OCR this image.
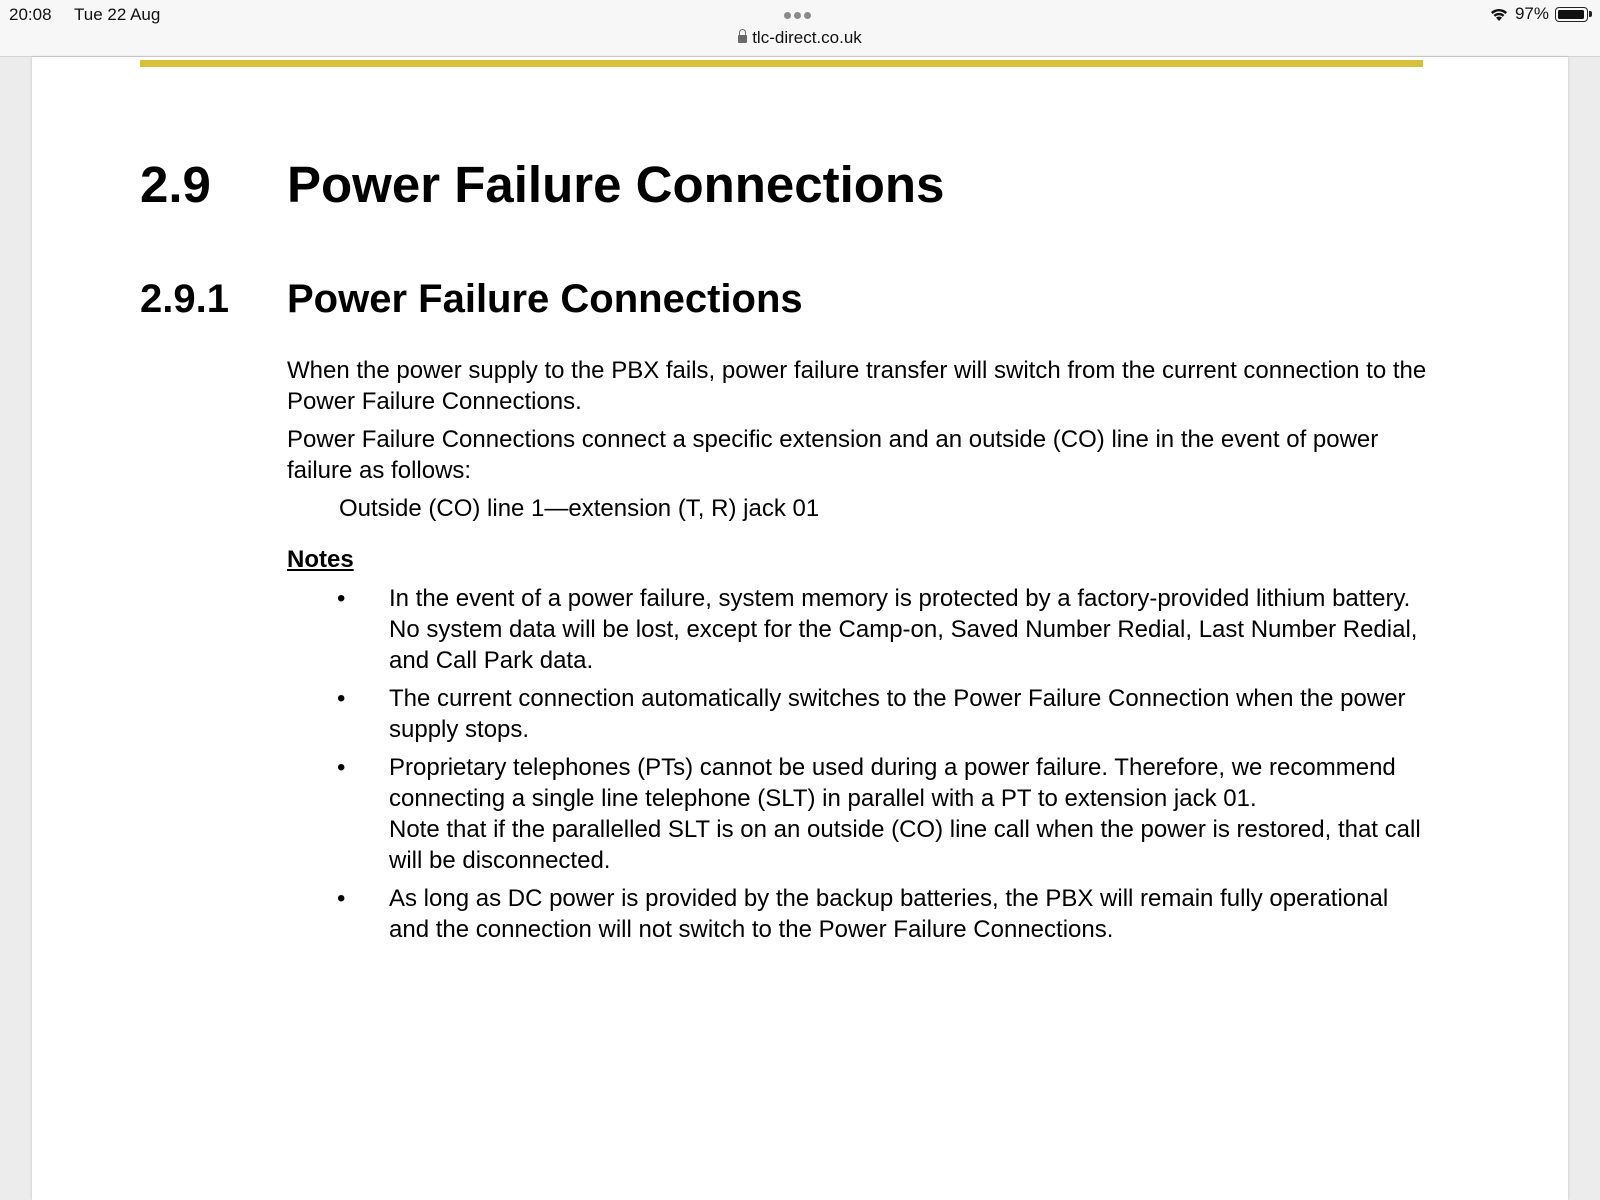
20:08 Tue 22 Aug
tlc-direct.co.uk
97%
2.9 Power Failure Connections
2.9.1 Power Failure Connections

When the power supply to the PBX fails, power failure transfer will switch from the current connection to the Power Failure Connections.

Power Failure Connections connect a specific extension and an outside (CO) line in the event of power failure as follows:

Outside (CO) line 1—extension (T, R) jack 01

Notes

• In the event of a power failure, system memory is protected by a factory-provided lithium battery. No system data will be lost, except for the Camp-on, Saved Number Redial, Last Number Redial, and Call Park data.
• The current connection automatically switches to the Power Failure Connection when the power supply stops.
• Proprietary telephones (PTs) cannot be used during a power failure. Therefore, we recommend connecting a single line telephone (SLT) in parallel with a PT to extension jack 01.
Note that if the parallelled SLT is on an outside (CO) line call when the power is restored, that call will be disconnected.
• As long as DC power is provided by the backup batteries, the PBX will remain fully operational and the connection will not switch to the Power Failure Connections.
